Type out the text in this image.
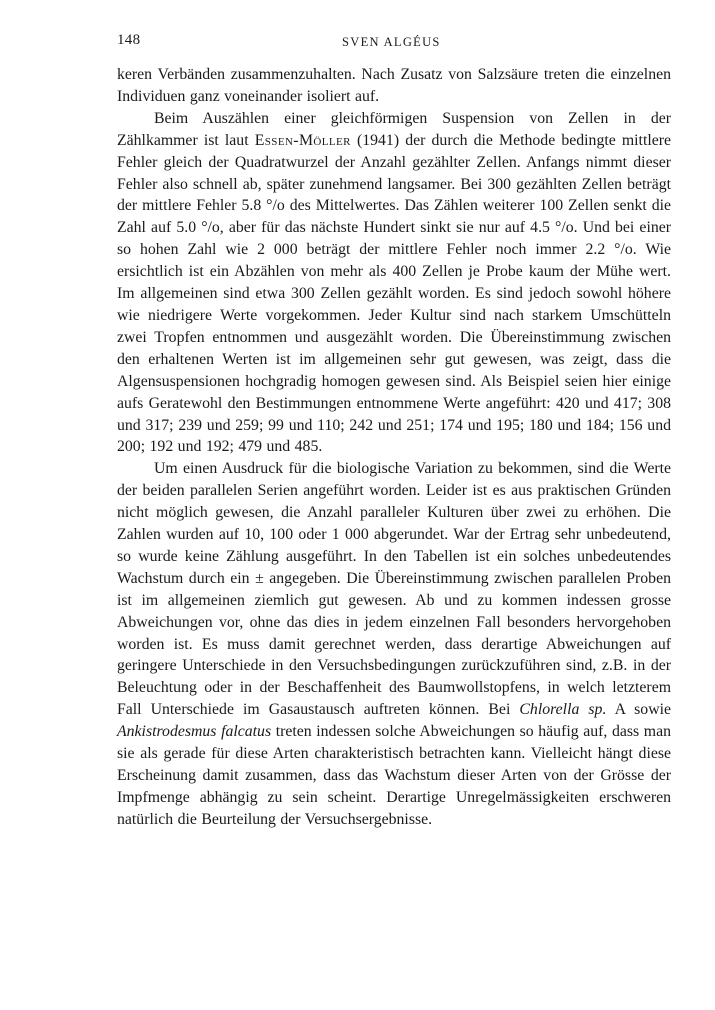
148	SVEN ALGÉUS

keren Verbänden zusammenzuhalten. Nach Zusatz von Salzsäure treten die einzelnen Individuen ganz voneinander isoliert auf.

Beim Auszählen einer gleichförmigen Suspension von Zellen in der Zählkammer ist laut Essen-Möller (1941) der durch die Methode bedingte mittlere Fehler gleich der Quadratwurzel der Anzahl gezählter Zellen. Anfangs nimmt dieser Fehler also schnell ab, später zunehmend langsamer. Bei 300 gezählten Zellen beträgt der mittlere Fehler 5.8 °/o des Mittelwertes. Das Zählen weiterer 100 Zellen senkt die Zahl auf 5.0 °/o, aber für das nächste Hundert sinkt sie nur auf 4.5 °/o. Und bei einer so hohen Zahl wie 2 000 beträgt der mittlere Fehler noch immer 2.2 °/o. Wie ersichtlich ist ein Abzählen von mehr als 400 Zellen je Probe kaum der Mühe wert. Im allgemeinen sind etwa 300 Zellen gezählt worden. Es sind jedoch sowohl höhere wie niedrigere Werte vorgekommen. Jeder Kultur sind nach starkem Umschütteln zwei Tropfen entnommen und ausgezählt worden. Die Übereinstimmung zwischen den erhaltenen Werten ist im allgemeinen sehr gut gewesen, was zeigt, dass die Algensuspensionen hochgradig homogen gewesen sind. Als Beispiel seien hier einige aufs Geratewohl den Bestimmungen entnommene Werte angeführt: 420 und 417; 308 und 317; 239 und 259; 99 und 110; 242 und 251; 174 und 195; 180 und 184; 156 und 200; 192 und 192; 479 und 485.

Um einen Ausdruck für die biologische Variation zu bekommen, sind die Werte der beiden parallelen Serien angeführt worden. Leider ist es aus praktischen Gründen nicht möglich gewesen, die Anzahl paralleler Kulturen über zwei zu erhöhen. Die Zahlen wurden auf 10, 100 oder 1 000 abgerundet. War der Ertrag sehr unbedeutend, so wurde keine Zählung ausgeführt. In den Tabellen ist ein solches unbedeutendes Wachstum durch ein ± angegeben. Die Übereinstimmung zwischen parallelen Proben ist im allgemeinen ziemlich gut gewesen. Ab und zu kommen indessen grosse Abweichungen vor, ohne das dies in jedem einzelnen Fall besonders hervorgehoben worden ist. Es muss damit gerechnet werden, dass derartige Abweichungen auf geringere Unterschiede in den Versuchsbedingungen zurückzuführen sind, z.B. in der Beleuchtung oder in der Beschaffenheit des Baumwollstopfens, in welch letzterem Fall Unterschiede im Gasaustausch auftreten können. Bei Chlorella sp. A sowie Ankistrodesmus falcatus treten indessen solche Abweichungen so häufig auf, dass man sie als gerade für diese Arten charakteristisch betrachten kann. Vielleicht hängt diese Erscheinung damit zusammen, dass das Wachstum dieser Arten von der Grösse der Impfmenge abhängig zu sein scheint. Derartige Unregelmässigkeiten erschweren natürlich die Beurteilung der Versuchsergebnisse.
